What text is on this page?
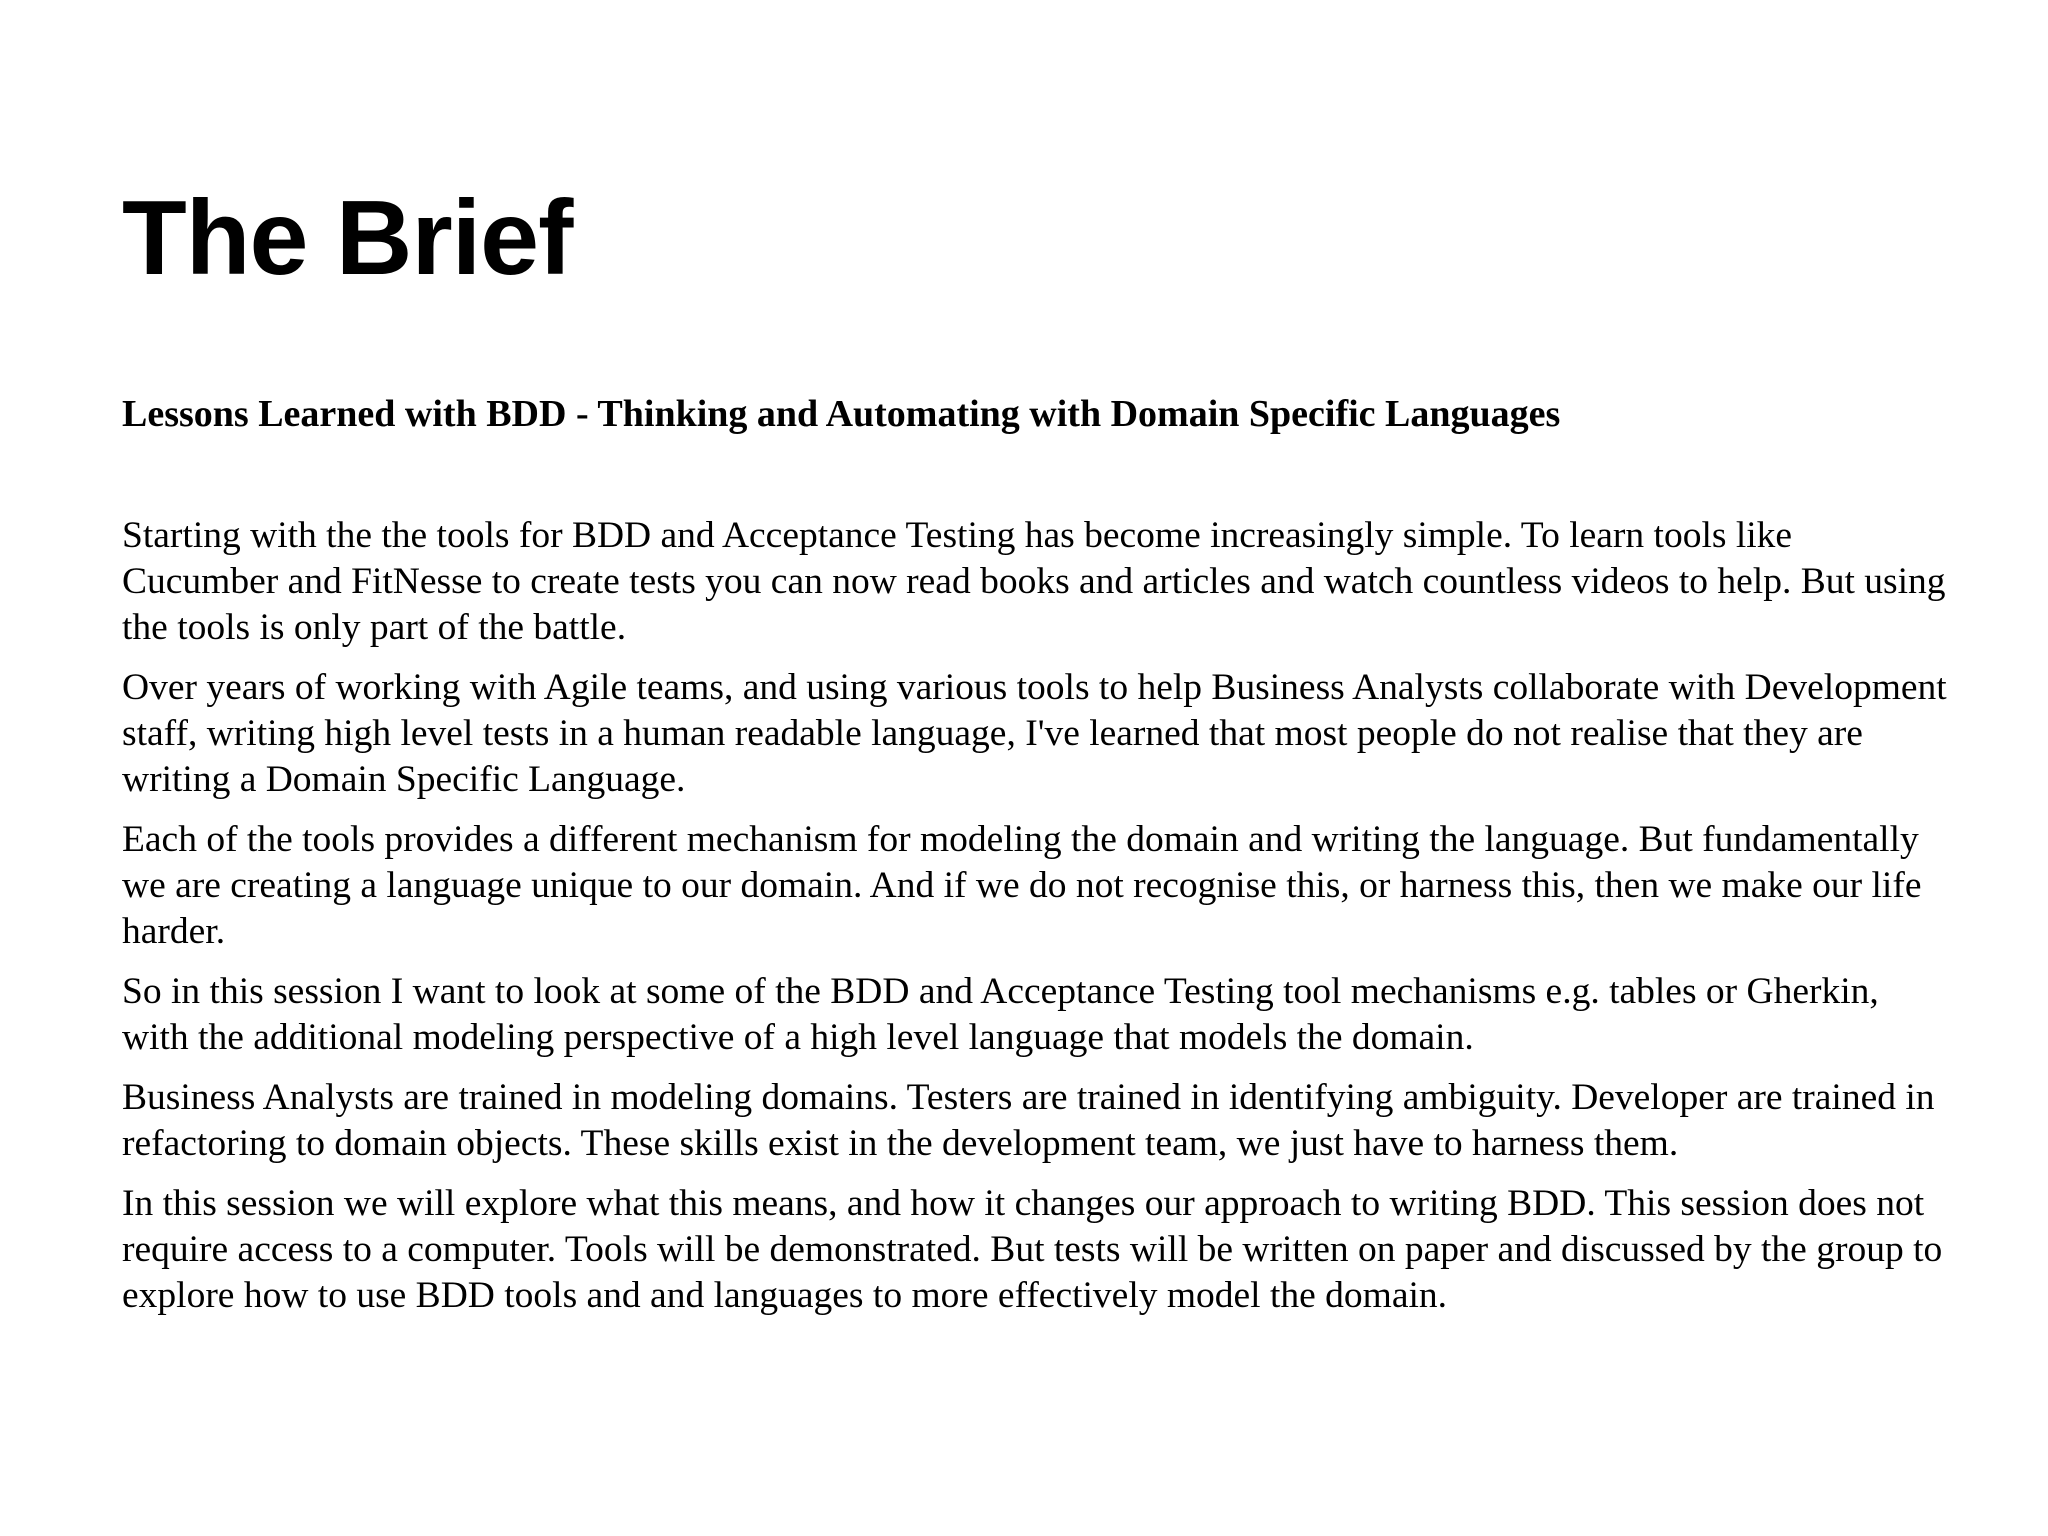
The Brief
Lessons Learned with BDD - Thinking and Automating with Domain Specific Languages

Starting with the the tools for BDD and Acceptance Testing has become increasingly simple. To learn tools like Cucumber and FitNesse to create tests you can now read books and articles and watch countless videos to help. But using the tools is only part of the battle.

Over years of working with Agile teams, and using various tools to help Business Analysts collaborate with Development staff, writing high level tests in a human readable language, I've learned that most people do not realise that they are writing a Domain Specific Language.

Each of the tools provides a different mechanism for modeling the domain and writing the language. But fundamentally we are creating a language unique to our domain. And if we do not recognise this, or harness this, then we make our life harder.

So in this session I want to look at some of the BDD and Acceptance Testing tool mechanisms e.g. tables or Gherkin, with the additional modeling perspective of a high level language that models the domain.

Business Analysts are trained in modeling domains. Testers are trained in identifying ambiguity. Developer are trained in refactoring to domain objects. These skills exist in the development team, we just have to harness them.

In this session we will explore what this means, and how it changes our approach to writing BDD. This session does not require access to a computer. Tools will be demonstrated. But tests will be written on paper and discussed by the group to explore how to use BDD tools and and languages to more effectively model the domain.
